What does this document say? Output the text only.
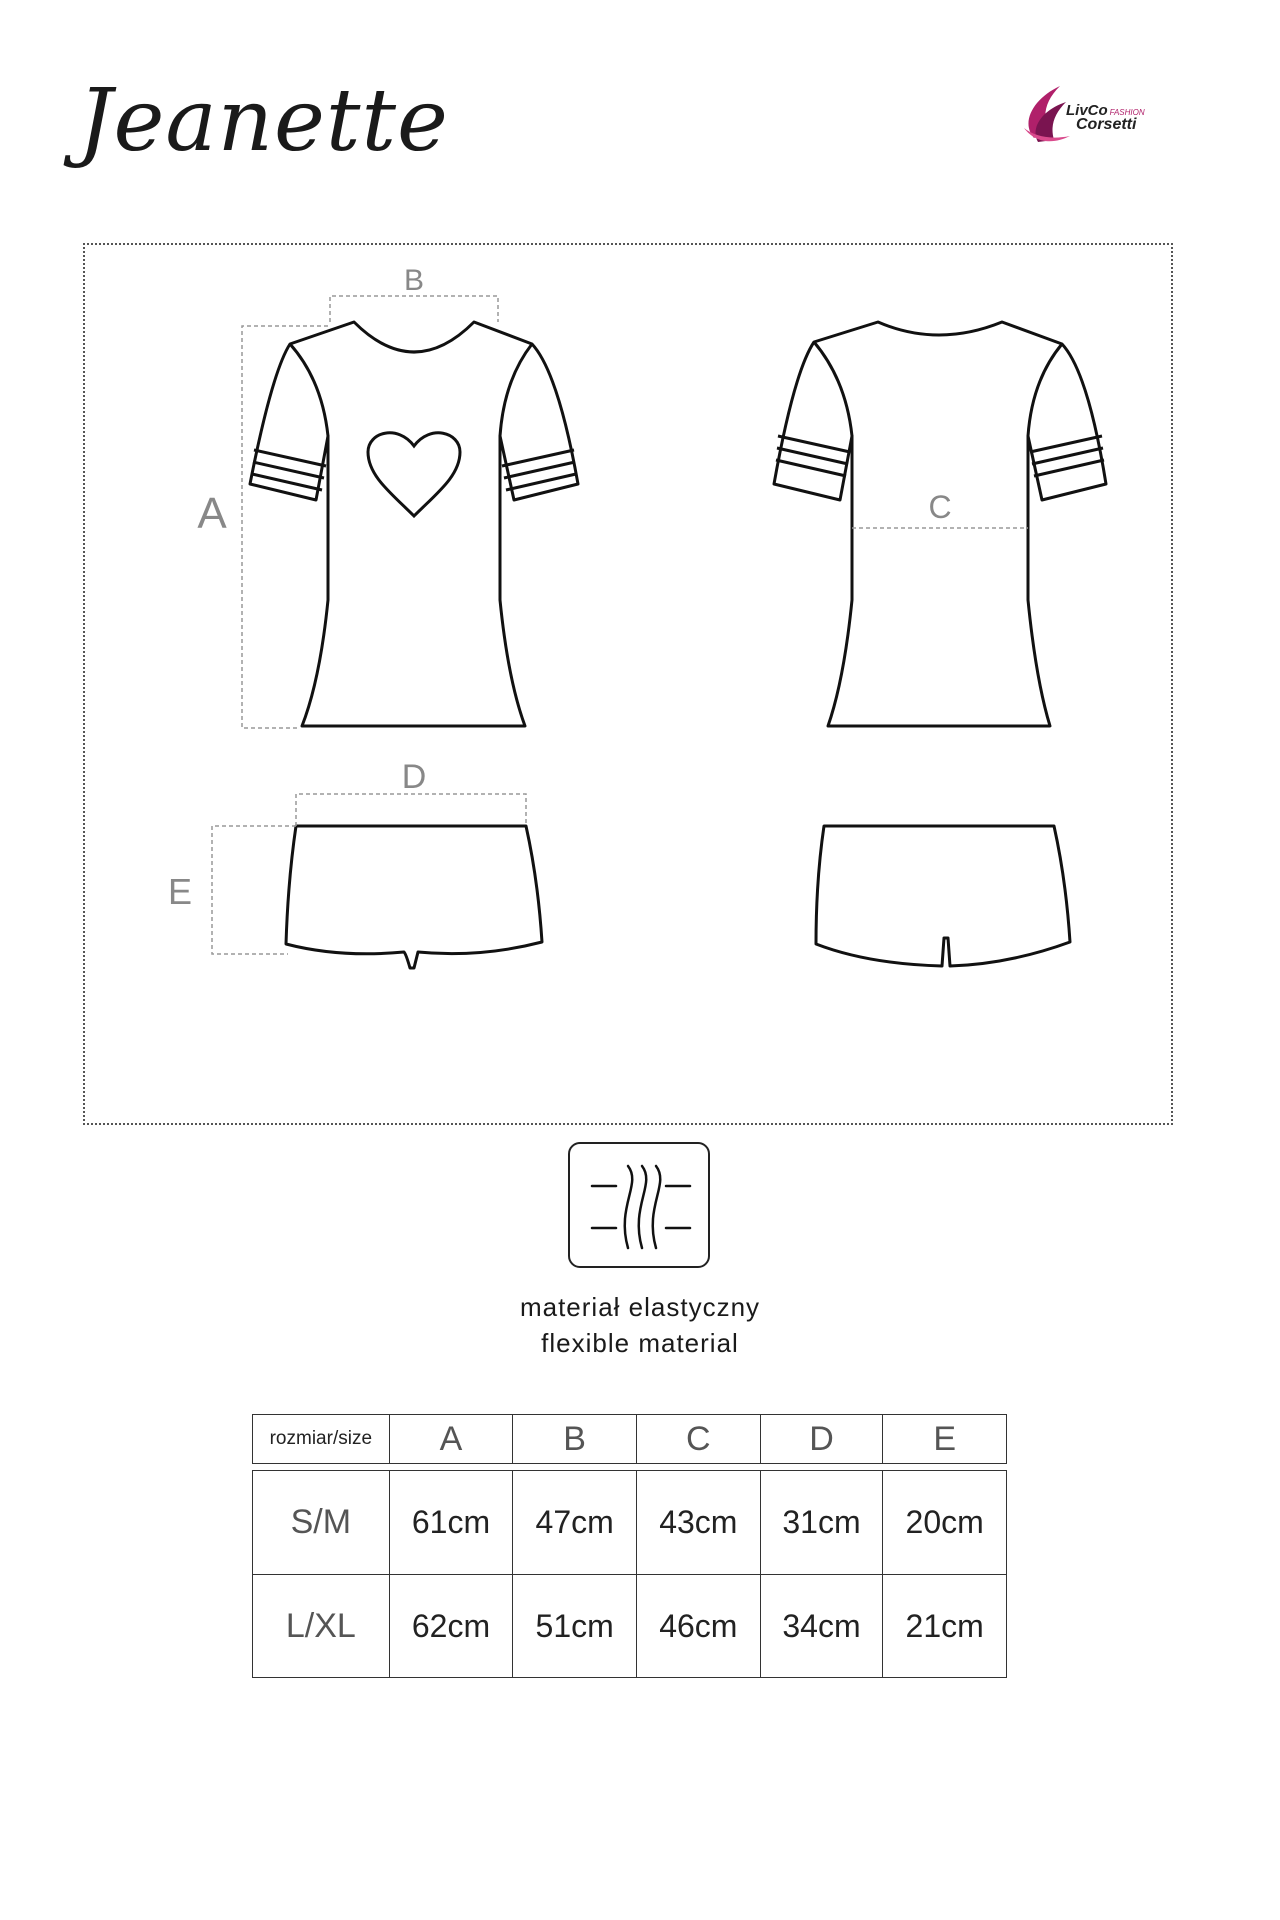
Jeanette	LivCo FASHION
Corsetti
B
A	C
D
E
materiał elastyczny
flexible material
rozmiar/size	A	B	C	D	E
S/M	61cm	47cm	43cm	31cm	20cm
L/XL	62cm	51cm	46cm	34cm	21cm
